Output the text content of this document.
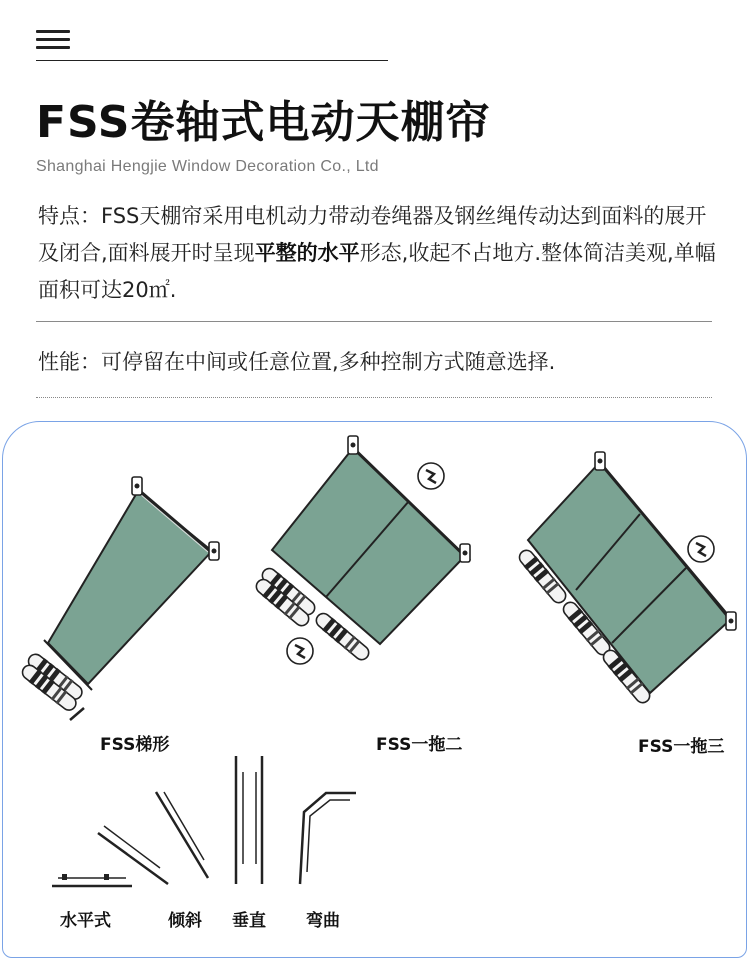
FSS卷轴式电动天棚帘
Shanghai Hengjie Window Decoration Co., Ltd
特点：FSS天棚帘采用电机动力带动卷绳器及钢丝绳传动达到面料的展开及闭合,面料展开时呈现平整的水平形态,收起不占地方.整体简洁美观,单幅面积可达20㎡.
性能：可停留在中间或任意位置,多种控制方式随意选择.
FSS梯形	FSS一拖二	FSS一拖三
水平式	倾斜 垂直 弯曲
